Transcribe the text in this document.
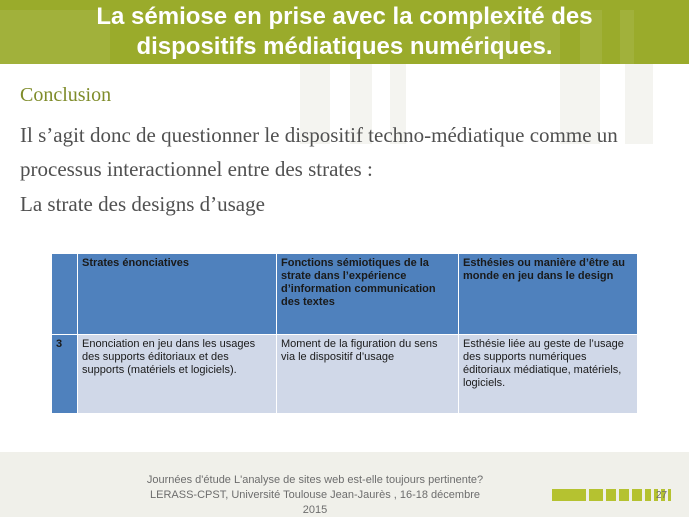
La sémiose en prise avec la complexité des
dispositifs médiatiques numériques.
Conclusion

Il s’agit donc de questionner le dispositif techno-médiatique comme un processus interactionnel entre des strates :

La strate des designs d’usage

	Strates énonciatives	Fonctions sémiotiques de la strate dans l’expérience d’information communication des textes	Esthésies ou manière d’être au monde en jeu dans le design
3	Enonciation en jeu dans les usages des supports éditoriaux et des supports (matériels et logiciels).	Moment de la figuration du sens via le dispositif d’usage	Esthésie liée au geste de l’usage des supports numériques éditoriaux médiatique, matériels, logiciels.
Journées d'étude L'analyse de sites web est-elle toujours pertinente?
LERASS-CPST, Université Toulouse Jean-Jaurès , 16-18 décembre
2015
27
